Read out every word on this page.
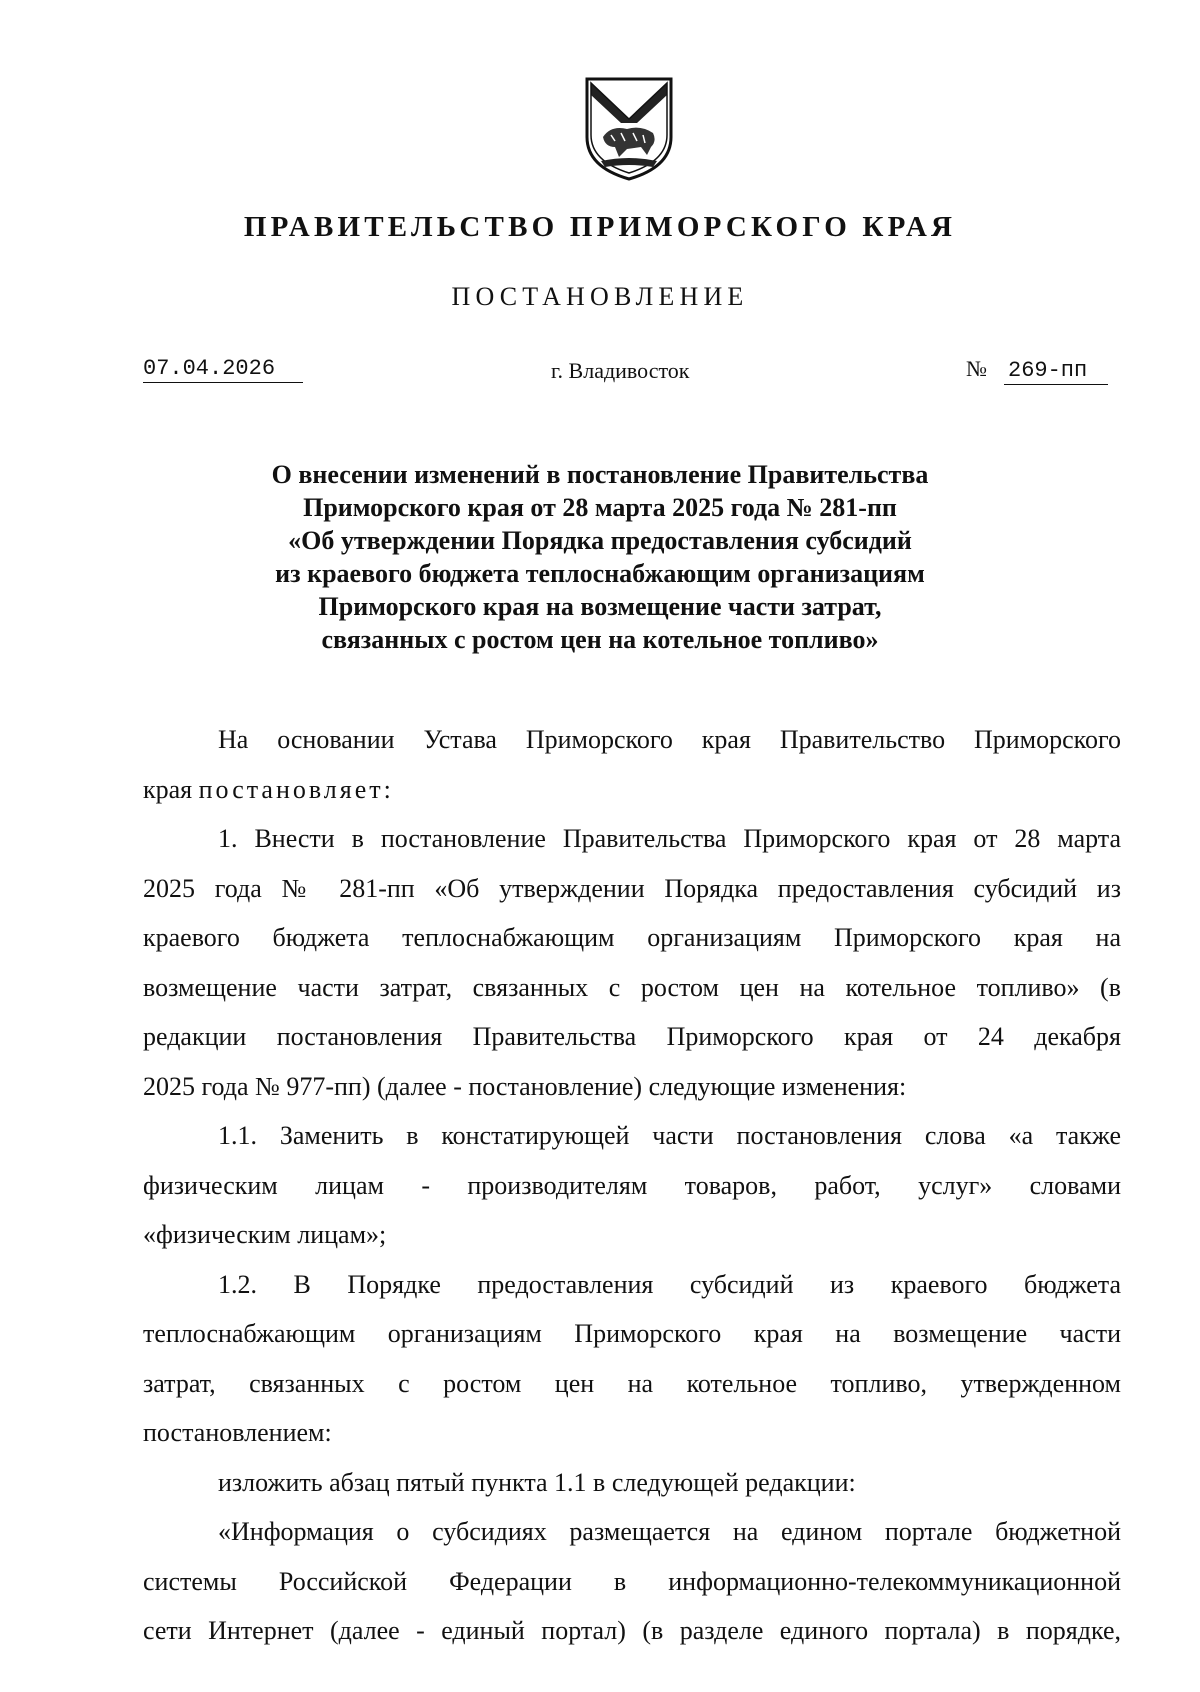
ПРАВИТЕЛЬСТВО ПРИМОРСКОГО КРАЯ
ПОСТАНОВЛЕНИЕ
07.04.2026	г. Владивосток	№ 269-пп
О внесении изменений в постановление Правительства
Приморского края от 28 марта 2025 года № 281-пп
«Об утверждении Порядка предоставления субсидий
из краевого бюджета теплоснабжающим организациям
Приморского края на возмещение части затрат,
связанных с ростом цен на котельное топливо»
На основании Устава Приморского края Правительство Приморского
края постановляет:
1. Внести в постановление Правительства Приморского края от 28 марта
2025 года № 281-пп «Об утверждении Порядка предоставления субсидий из
краевого бюджета теплоснабжающим организациям Приморского края на
возмещение части затрат, связанных с ростом цен на котельное топливо» (в
редакции постановления Правительства Приморского края от 24 декабря
2025 года № 977-пп) (далее - постановление) следующие изменения:
1.1. Заменить в констатирующей части постановления слова «а также
физическим лицам - производителям товаров, работ, услуг» словами
«физическим лицам»;
1.2. В Порядке предоставления субсидий из краевого бюджета
теплоснабжающим организациям Приморского края на возмещение части
затрат, связанных с ростом цен на котельное топливо, утвержденном
постановлением:
изложить абзац пятый пункта 1.1 в следующей редакции:
«Информация о субсидиях размещается на едином портале бюджетной
системы Российской Федерации в информационно-телекоммуникационной
сети Интернет (далее - единый портал) (в разделе единого портала) в порядке,
